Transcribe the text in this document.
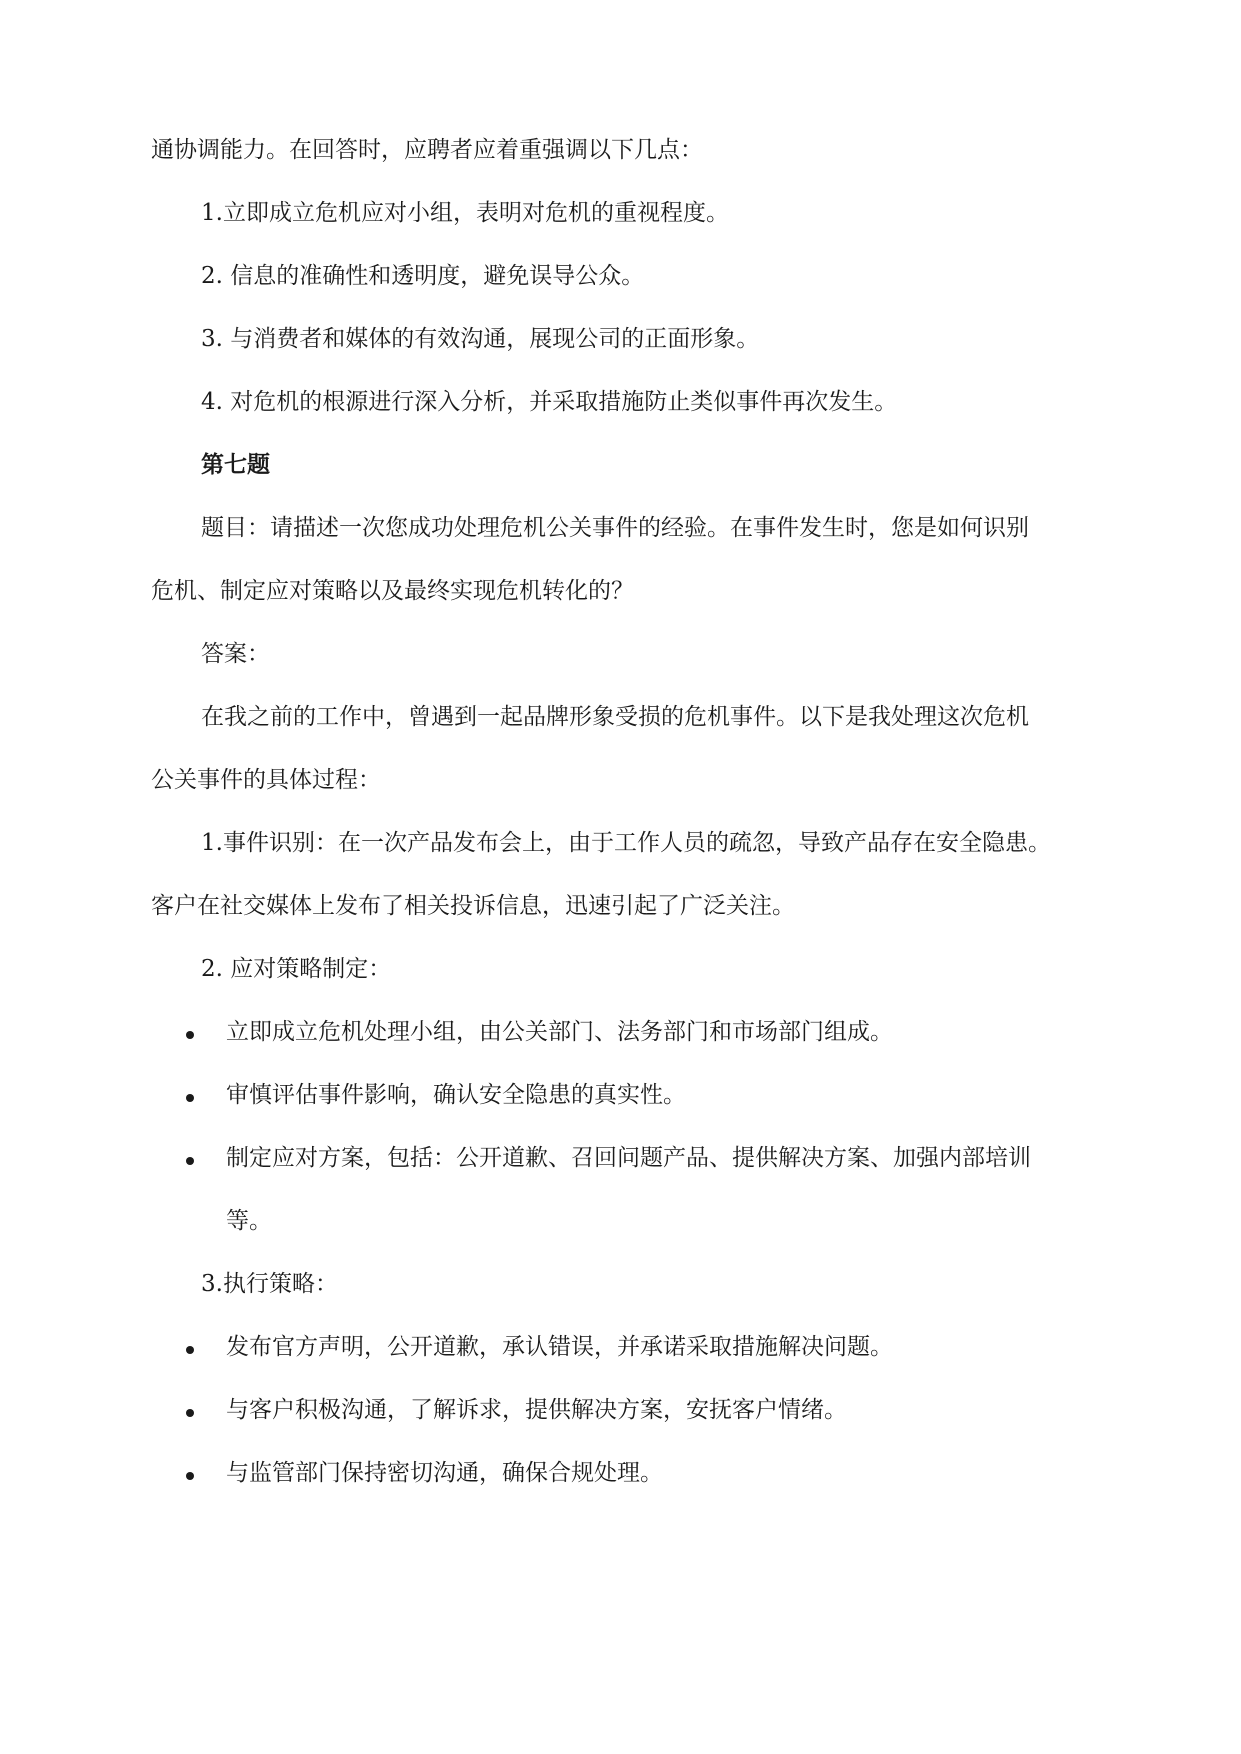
通协调能力。在回答时，应聘者应着重强调以下几点：
1.立即成立危机应对小组，表明对危机的重视程度。
2. 信息的准确性和透明度，避免误导公众。
3. 与消费者和媒体的有效沟通，展现公司的正面形象。
4. 对危机的根源进行深入分析，并采取措施防止类似事件再次发生。
第七题
题目：请描述一次您成功处理危机公关事件的经验。在事件发生时，您是如何识别
危机、制定应对策略以及最终实现危机转化的？
答案：
在我之前的工作中，曾遇到一起品牌形象受损的危机事件。以下是我处理这次危机
公关事件的具体过程：
1.事件识别：在一次产品发布会上，由于工作人员的疏忽，导致产品存在安全隐患。
客户在社交媒体上发布了相关投诉信息，迅速引起了广泛关注。
2. 应对策略制定：
立即成立危机处理小组，由公关部门、法务部门和市场部门组成。
审慎评估事件影响，确认安全隐患的真实性。
制定应对方案，包括：公开道歉、召回问题产品、提供解决方案、加强内部培训
等。
3.执行策略：
发布官方声明，公开道歉，承认错误，并承诺采取措施解决问题。
与客户积极沟通，了解诉求，提供解决方案，安抚客户情绪。
与监管部门保持密切沟通，确保合规处理。
